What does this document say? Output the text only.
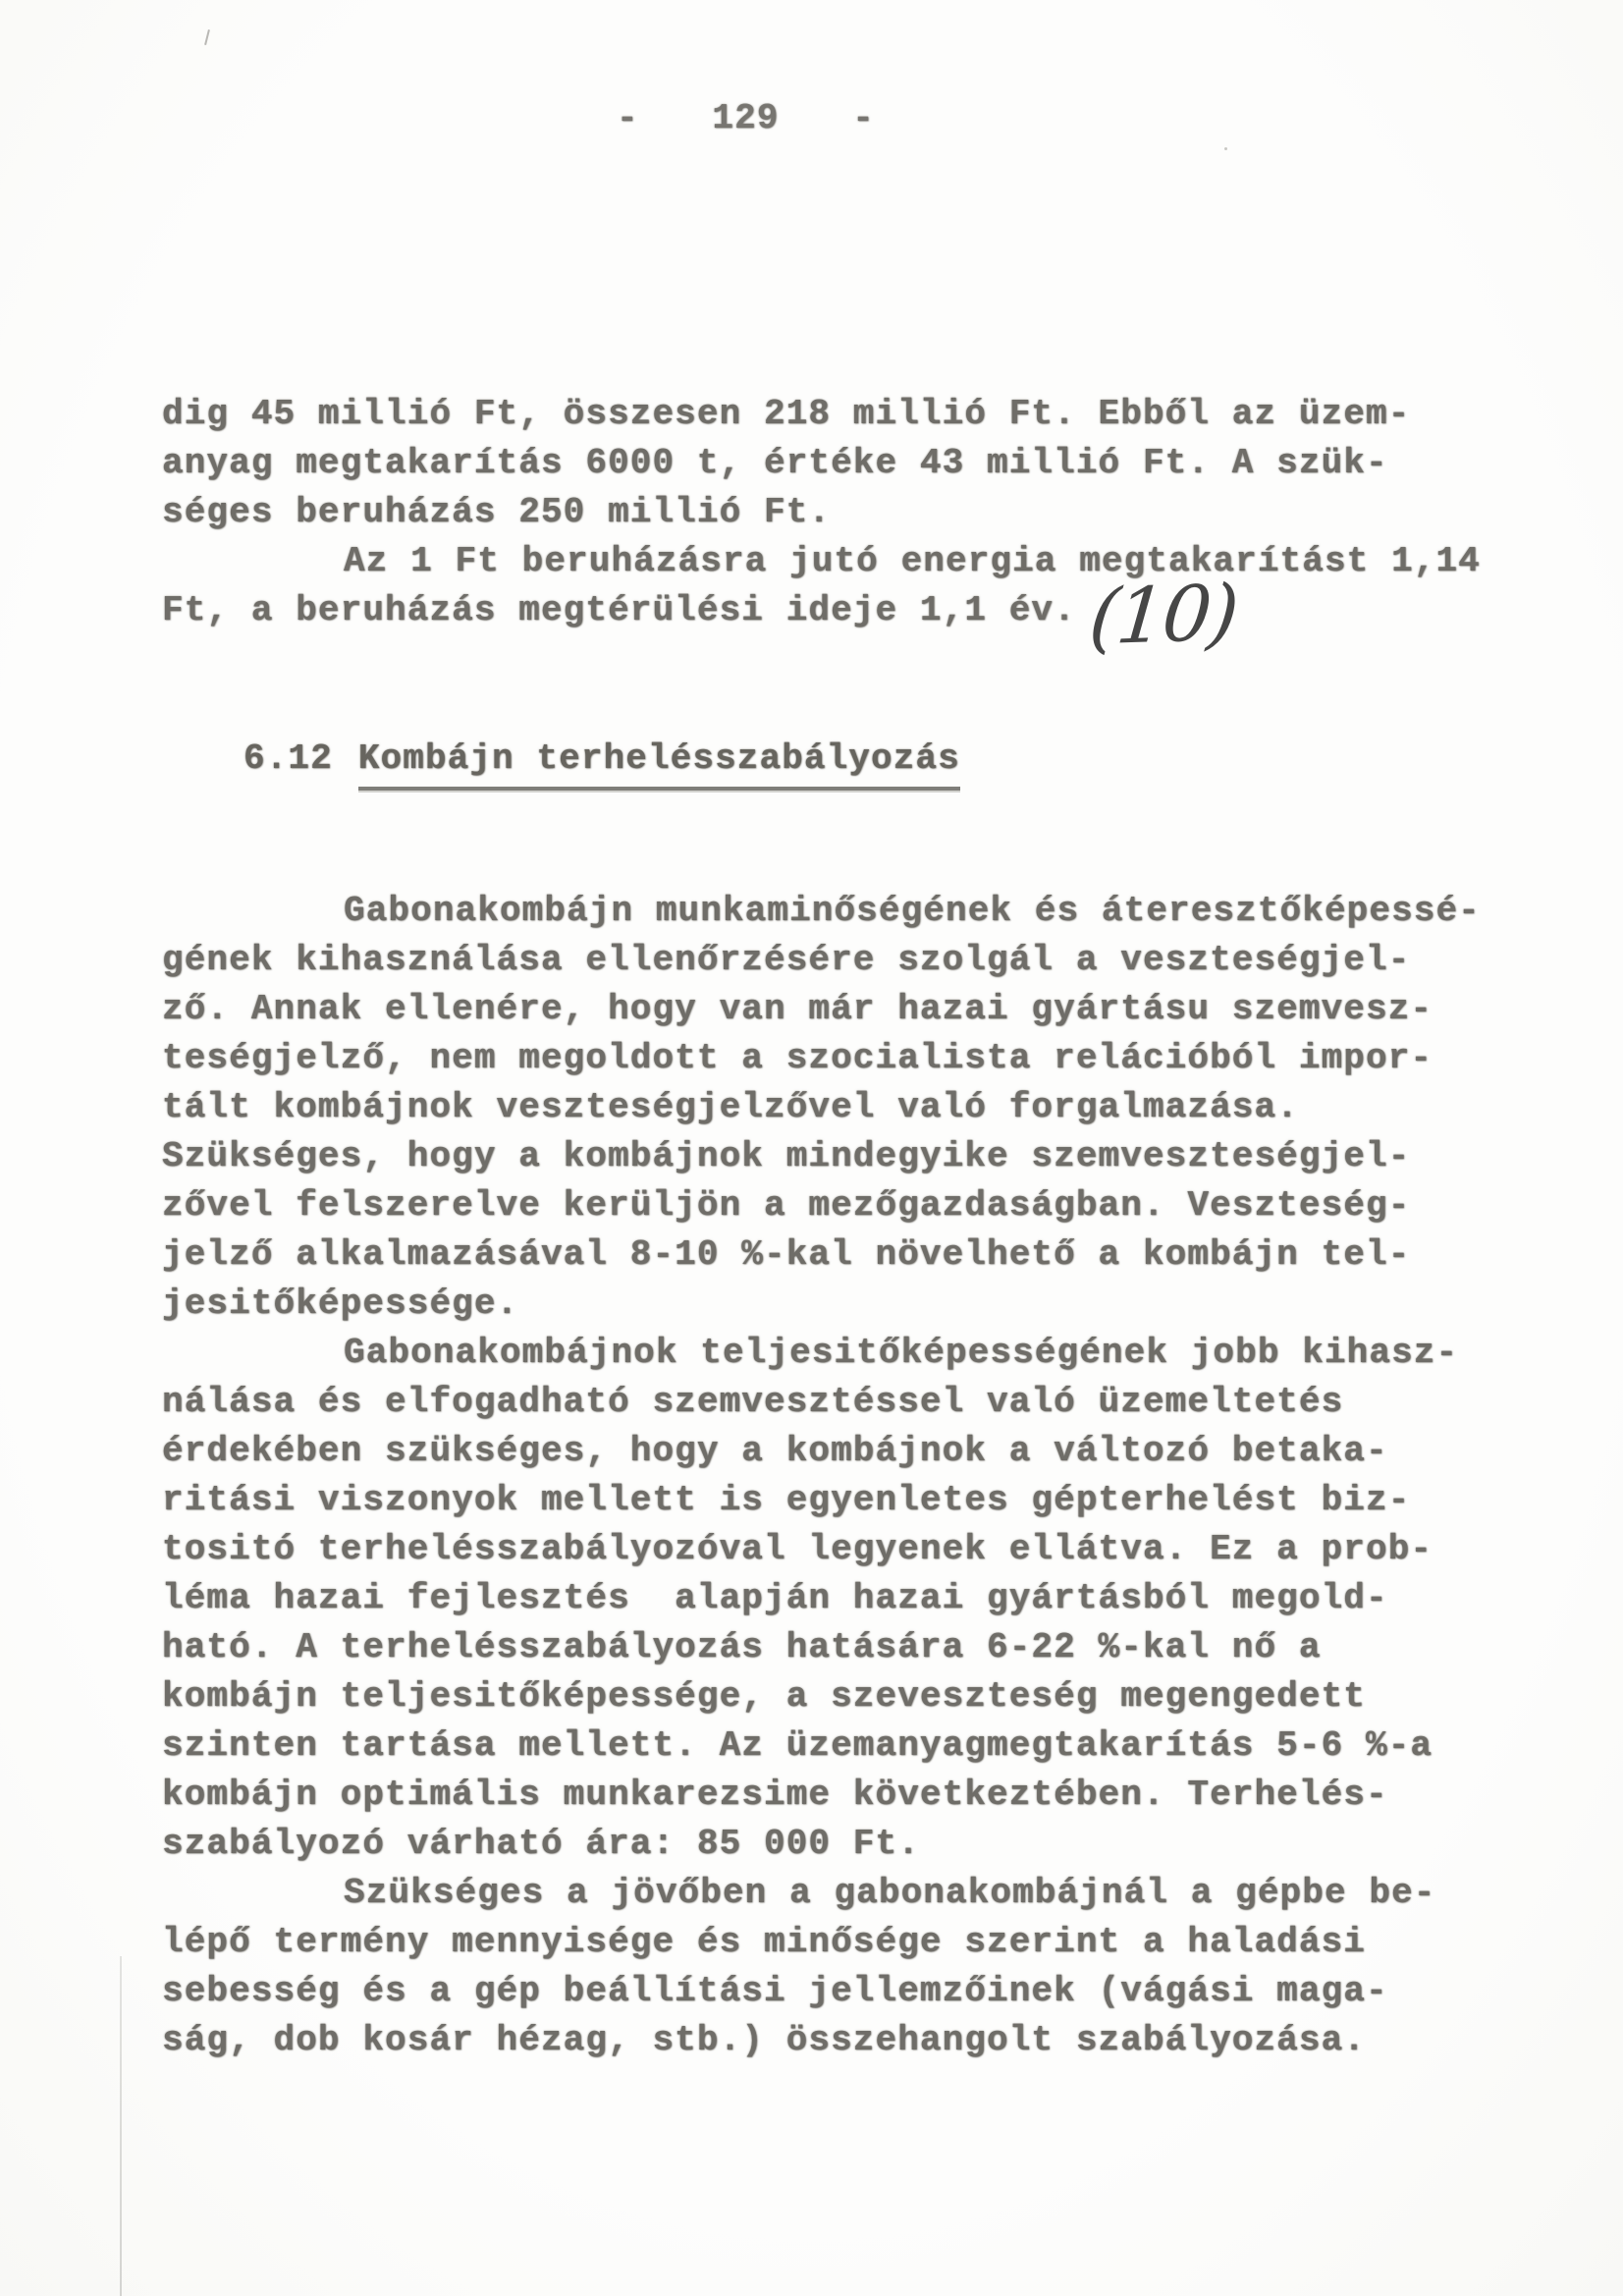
- 129 -
dig 45 millió Ft, összesen 218 millió Ft. Ebből az üzem-
anyag megtakarítás 6000 t, értéke 43 millió Ft. A szük-
séges beruházás 250 millió Ft.
Az 1 Ft beruházásra jutó energia megtakarítást 1,14
Ft, a beruházás megtérülési ideje 1,1 év. (10)
6.12 Kombájn terhelésszabályozás
Gabonakombájn munkaminőségének és áteresztőképessé-
gének kihasználása ellenőrzésére szolgál a veszteségjel-
ző. Annak ellenére, hogy van már hazai gyártásu szemvesz-
teségjelző, nem megoldott a szocialista relációból impor-
tált kombájnok veszteségjelzővel való forgalmazása.
Szükséges, hogy a kombájnok mindegyike szemveszteségjel-
zővel felszerelve kerüljön a mezőgazdaságban. Veszteség-
jelző alkalmazásával 8-10 %-kal növelhető a kombájn tel-
jesitőképessége.
Gabonakombájnok teljesitőképességének jobb kihasz-
nálása és elfogadható szemvesztéssel való üzemeltetés
érdekében szükséges, hogy a kombájnok a változó betaka-
ritási viszonyok mellett is egyenletes gépterhelést biz-
tositó terhelésszabályozóval legyenek ellátva. Ez a prob-
léma hazai fejlesztés  alapján hazai gyártásból megold-
ható. A terhelésszabályozás hatására 6-22 %-kal nő a
kombájn teljesitőképessége, a szeveszteség megengedett
szinten tartása mellett. Az üzemanyagmegtakarítás 5-6 %-a
kombájn optimális munkarezsime következtében. Terhelés-
szabályozó várható ára: 85 000 Ft.
Szükséges a jövőben a gabonakombájnál a gépbe be-
lépő termény mennyisége és minősége szerint a haladási
sebesség és a gép beállítási jellemzőinek (vágási maga-
ság, dob kosár hézag, stb.) összehangolt szabályozása.
